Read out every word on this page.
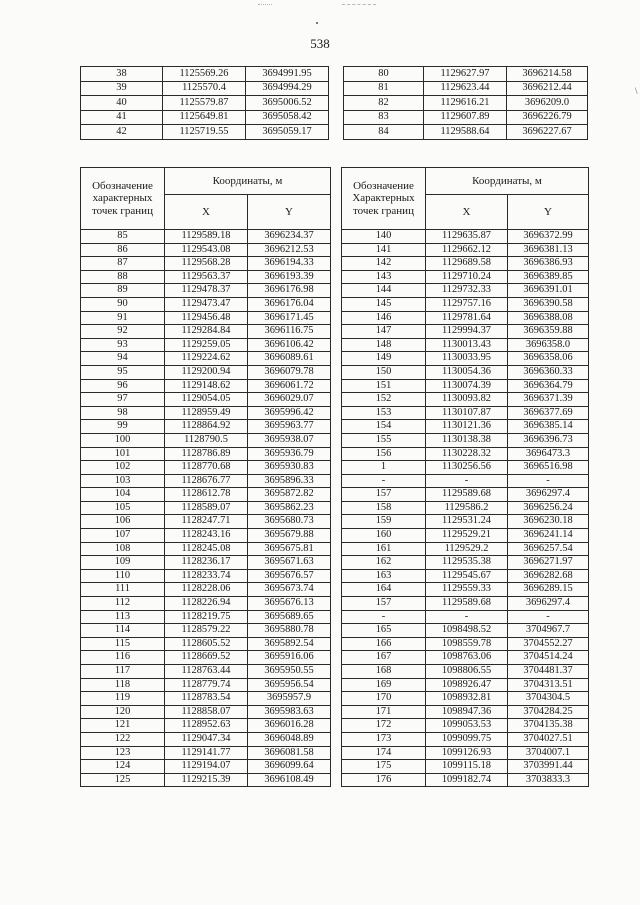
\
538
38	1125569.26	3694991.95
39	1125570.4	3694994.29
40	1125579.87	3695006.52
41	1125649.81	3695058.42
42	1125719.55	3695059.17
80	1129627.97	3696214.58
81	1129623.44	3696212.44
82	1129616.21	3696209.0
83	1129607.89	3696226.79
84	1129588.64	3696227.67
Обозначение характерных точек границ	Координаты, м	
	X	Y
85	1129589.18	3696234.37
86	1129543.08	3696212.53
87	1129568.28	3696194.33
88	1129563.37	3696193.39
89	1129478.37	3696176.98
90	1129473.47	3696176.04
91	1129456.48	3696171.45
92	1129284.84	3696116.75
93	1129259.05	3696106.42
94	1129224.62	3696089.61
95	1129200.94	3696079.78
96	1129148.62	3696061.72
97	1129054.05	3696029.07
98	1128959.49	3695996.42
99	1128864.92	3695963.77
100	1128790.5	3695938.07
101	1128786.89	3695936.79
102	1128770.68	3695930.83
103	1128676.77	3695896.33
104	1128612.78	3695872.82
105	1128589.07	3695862.23
106	1128247.71	3695680.73
107	1128243.16	3695679.88
108	1128245.08	3695675.81
109	1128236.17	3695671.63
110	1128233.74	3695676.57
111	1128228.06	3695673.74
112	1128226.94	3695676.13
113	1128219.75	3695689.65
114	1128579.22	3695880.78
115	1128605.52	3695892.54
116	1128669.52	3695916.06
117	1128763.44	3695950.55
118	1128779.74	3695956.54
119	1128783.54	3695957.9
120	1128858.07	3695983.63
121	1128952.63	3696016.28
122	1129047.34	3696048.89
123	1129141.77	3696081.58
124	1129194.07	3696099.64
125	1129215.39	3696108.49
Обозначение Характерных точек границ	Координаты, м	
	X	Y
140	1129635.87	3696372.99
141	1129662.12	3696381.13
142	1129689.58	3696386.93
143	1129710.24	3696389.85
144	1129732.33	3696391.01
145	1129757.16	3696390.58
146	1129781.64	3696388.08
147	1129994.37	3696359.88
148	1130013.43	3696358.0
149	1130033.95	3696358.06
150	1130054.36	3696360.33
151	1130074.39	3696364.79
152	1130093.82	3696371.39
153	1130107.87	3696377.69
154	1130121.36	3696385.14
155	1130138.38	3696396.73
156	1130228.32	3696473.3
1	1130256.56	3696516.98
-	-	-
157	1129589.68	3696297.4
158	1129586.2	3696256.24
159	1129531.24	3696230.18
160	1129529.21	3696241.14
161	1129529.2	3696257.54
162	1129535.38	3696271.97
163	1129545.67	3696282.68
164	1129559.33	3696289.15
157	1129589.68	3696297.4
-	-	-
165	1098498.52	3704967.7
166	1098559.78	3704552.27
167	1098763.06	3704514.24
168	1098806.55	3704481.37
169	1098926.47	3704313.51
170	1098932.81	3704304.5
171	1098947.36	3704284.25
172	1099053.53	3704135.38
173	1099099.75	3704027.51
174	1099126.93	3704007.1
175	1099115.18	3703991.44
176	1099182.74	3703833.3
